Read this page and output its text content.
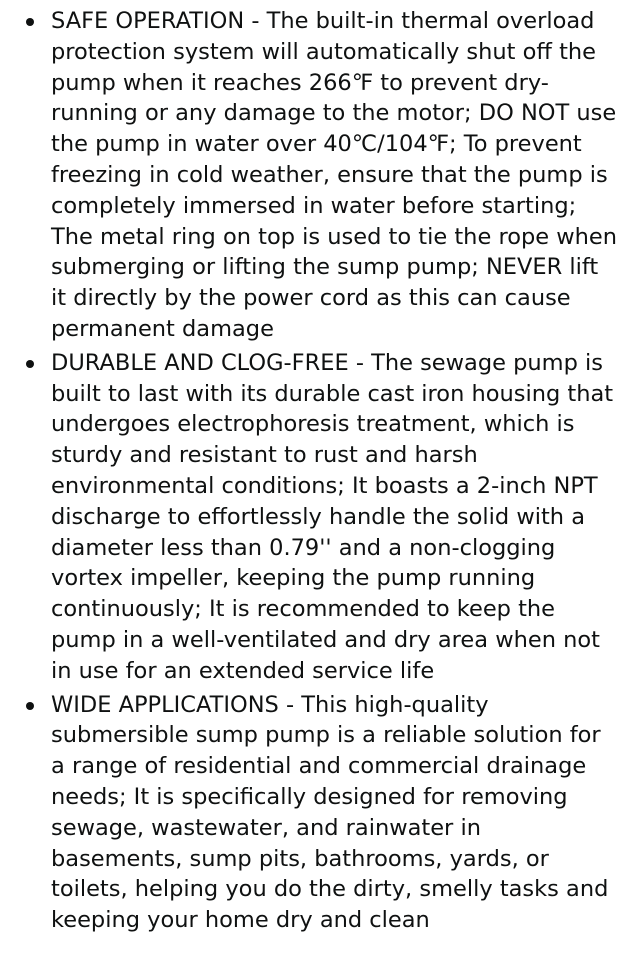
SAFE OPERATION - The built-in thermal overload protection system will automatically shut off the pump when it reaches 266℉ to prevent dry-running or any damage to the motor; DO NOT use the pump in water over 40℃/104℉; To prevent freezing in cold weather, ensure that the pump is completely immersed in water before starting; The metal ring on top is used to tie the rope when submerging or lifting the sump pump; NEVER lift it directly by the power cord as this can cause permanent damage
DURABLE AND CLOG-FREE - The sewage pump is built to last with its durable cast iron housing that undergoes electrophoresis treatment, which is sturdy and resistant to rust and harsh environmental conditions; It boasts a 2-inch NPT discharge to effortlessly handle the solid with a diameter less than 0.79'' and a non-clogging vortex impeller, keeping the pump running continuously; It is recommended to keep the pump in a well-ventilated and dry area when not in use for an extended service life
WIDE APPLICATIONS - This high-quality submersible sump pump is a reliable solution for a range of residential and commercial drainage needs; It is specifically designed for removing sewage, wastewater, and rainwater in basements, sump pits, bathrooms, yards, or toilets, helping you do the dirty, smelly tasks and keeping your home dry and clean
